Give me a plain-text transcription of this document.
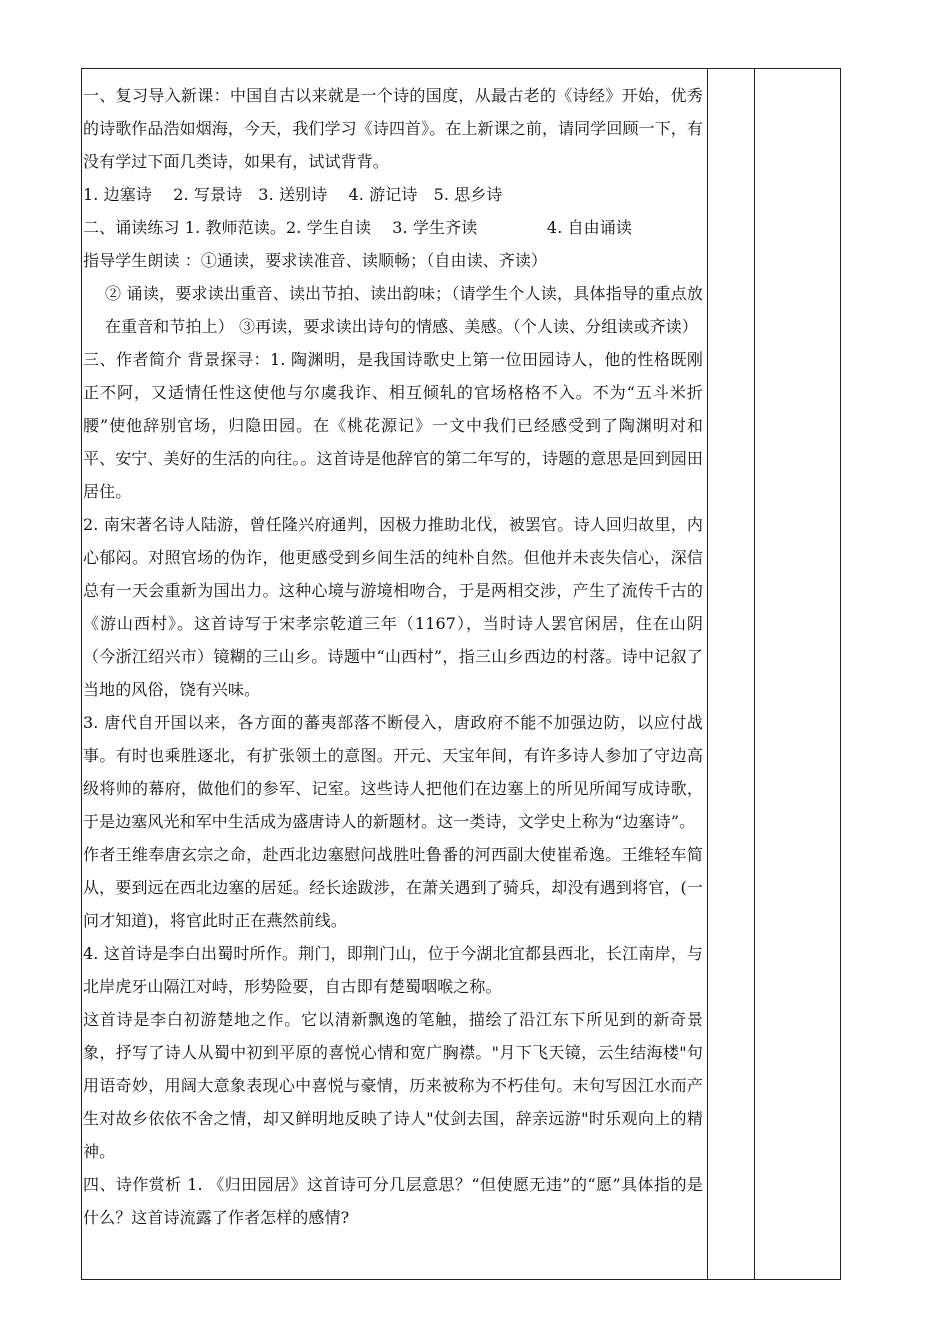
一、复习导入新课：中国自古以来就是一个诗的国度，从最古老的《诗经》开始，优秀的诗歌作品浩如烟海，今天，我们学习《诗四首》。在上新课之前，请同学回顾一下，有没有学过下面几类诗，如果有，试试背背。

1. 边塞诗　 2. 写景诗　3. 送别诗　 4. 游记诗　5. 思乡诗

二、诵读练习 1. 教师范读。2. 学生自读　 3. 学生齐读　　　　 4. 自由诵读

指导学生朗读 ：①通读，要求读准音、读顺畅；（自由读、齐读）

② 诵读，要求读出重音、读出节拍、读出韵味；（请学生个人读，具体指导的重点放在重音和节拍上） ③再读，要求读出诗句的情感、美感。（个人读、分组读或齐读）

三、作者简介 背景探寻：1. 陶渊明，是我国诗歌史上第一位田园诗人，他的性格既刚正不阿，又适情任性这使他与尔虞我诈、相互倾轧的官场格格不入。不为“五斗米折腰”使他辞别官场，归隐田园。在《桃花源记》一文中我们已经感受到了陶渊明对和平、安宁、美好的生活的向往。。这首诗是他辞官的第二年写的，诗题的意思是回到园田居住。

2. 南宋著名诗人陆游，曾任隆兴府通判，因极力推助北伐，被罢官。诗人回归故里，内心郁闷。对照官场的伪诈，他更感受到乡间生活的纯朴自然。但他并未丧失信心，深信总有一天会重新为国出力。这种心境与游境相吻合，于是两相交涉，产生了流传千古的《游山西村》。这首诗写于宋孝宗乾道三年（1167），当时诗人罢官闲居，住在山阴（今浙江绍兴市）镜糊的三山乡。诗题中“山西村”，指三山乡西边的村落。诗中记叙了当地的风俗，饶有兴味。

3. 唐代自开国以来，各方面的蕃夷部落不断侵入，唐政府不能不加强边防，以应付战事。有时也乘胜逐北，有扩张领土的意图。开元、天宝年间，有许多诗人参加了守边高级将帅的幕府，做他们的参军、记室。这些诗人把他们在边塞上的所见所闻写成诗歌，于是边塞风光和军中生活成为盛唐诗人的新题材。这一类诗，文学史上称为“边塞诗”。

作者王维奉唐玄宗之命，赴西北边塞慰问战胜吐鲁番的河西副大使崔希逸。王维轻车简从，要到远在西北边塞的居延。经长途跋涉，在萧关遇到了骑兵，却没有遇到将官，(一问才知道)，将官此时正在燕然前线。

4. 这首诗是李白出蜀时所作。荆门，即荆门山，位于今湖北宜都县西北，长江南岸，与北岸虎牙山隔江对峙，形势险要，自古即有楚蜀咽喉之称。

这首诗是李白初游楚地之作。它以清新飘逸的笔触，描绘了沿江东下所见到的新奇景象，抒写了诗人从蜀中初到平原的喜悦心情和宽广胸襟。"月下飞天镜，云生结海楼"句用语奇妙，用阔大意象表现心中喜悦与豪情，历来被称为不朽佳句。末句写因江水而产生对故乡依依不舍之情，却又鲜明地反映了诗人"仗剑去国，辞亲远游"时乐观向上的精神。

四、诗作赏析 1. 《归田园居》这首诗可分几层意思？“但使愿无违”的“愿”具体指的是什么？这首诗流露了作者怎样的感情?
